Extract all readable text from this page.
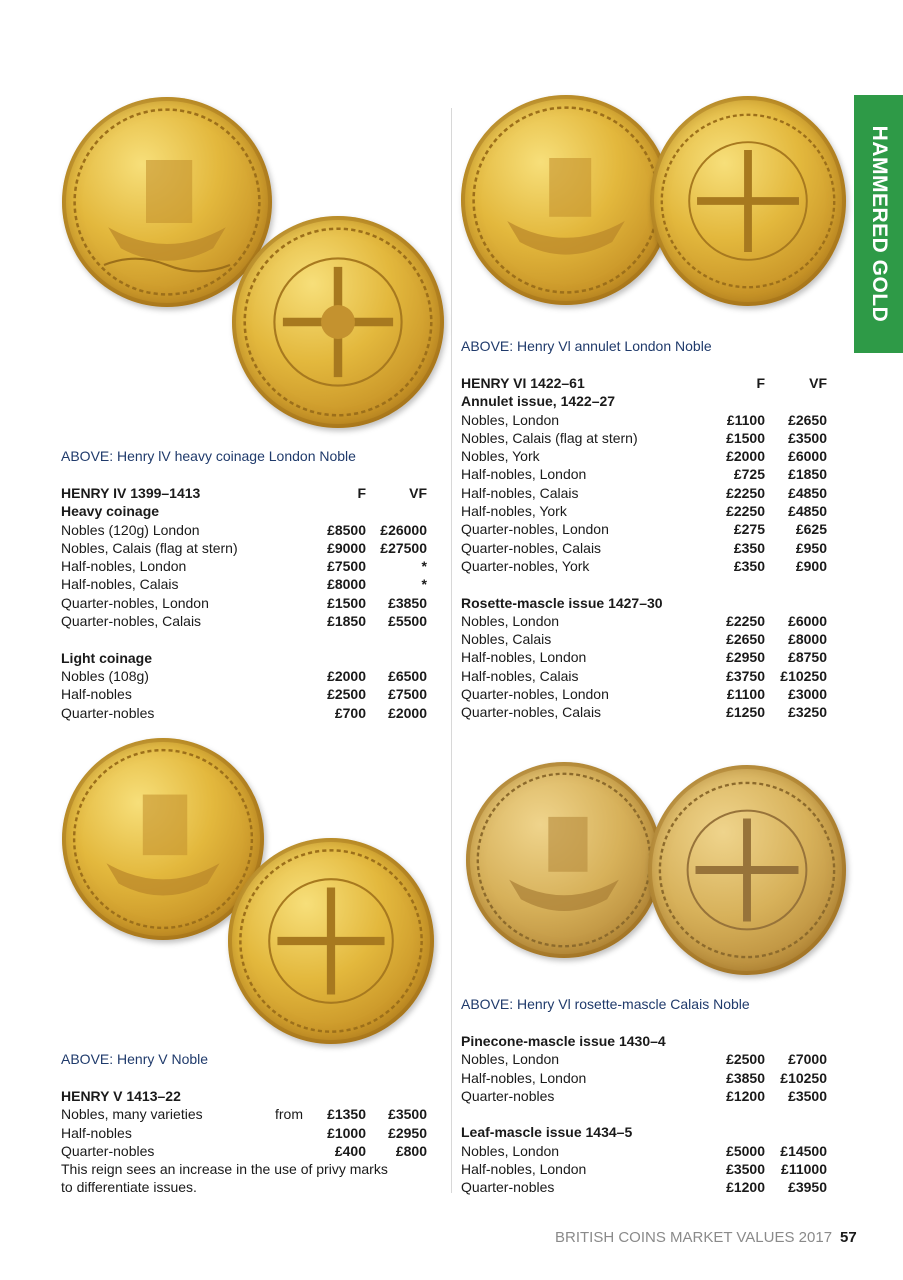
HAMMERED GOLD
ABOVE: Henry lV heavy coinage London Noble
ABOVE: Henry Vl annulet London Noble
ABOVE: Henry V Noble
ABOVE: Henry Vl rosette-mascle Calais Noble
HENRY IV 1399–1413	F	VF
Heavy coinage
Nobles (120g) London	£8500	£26000
Nobles, Calais (flag at stern)	£9000	£27500
Half-nobles, London	£7500	*
Half-nobles, Calais	£8000	*
Quarter-nobles, London	£1500	£3850
Quarter-nobles, Calais	£1850	£5500
Light coinage
Nobles (108g)	£2000	£6500
Half-nobles	£2500	£7500
Quarter-nobles	£700	£2000
HENRY V 1413–22
Nobles, many varieties	from	£1350	£3500
Half-nobles	£1000	£2950
Quarter-nobles	£400	£800
This reign sees an increase in the use of privy marks to differentiate issues.
HENRY VI 1422–61	F	VF
Annulet issue, 1422–27
Nobles, London	£1100	£2650
Nobles, Calais (flag at stern)	£1500	£3500
Nobles, York	£2000	£6000
Half-nobles, London	£725	£1850
Half-nobles, Calais	£2250	£4850
Half-nobles, York	£2250	£4850
Quarter-nobles, London	£275	£625
Quarter-nobles, Calais	£350	£950
Quarter-nobles, York	£350	£900
Rosette-mascle issue 1427–30
Nobles, London	£2250	£6000
Nobles, Calais	£2650	£8000
Half-nobles, London	£2950	£8750
Half-nobles, Calais	£3750	£10250
Quarter-nobles, London	£1100	£3000
Quarter-nobles, Calais	£1250	£3250
Pinecone-mascle issue 1430–4
Nobles, London	£2500	£7000
Half-nobles, London	£3850	£10250
Quarter-nobles	£1200	£3500
Leaf-mascle issue 1434–5
Nobles, London	£5000	£14500
Half-nobles, London	£3500	£11000
Quarter-nobles	£1200	£3950
BRITISH COINS MARKET VALUES 2017 57
